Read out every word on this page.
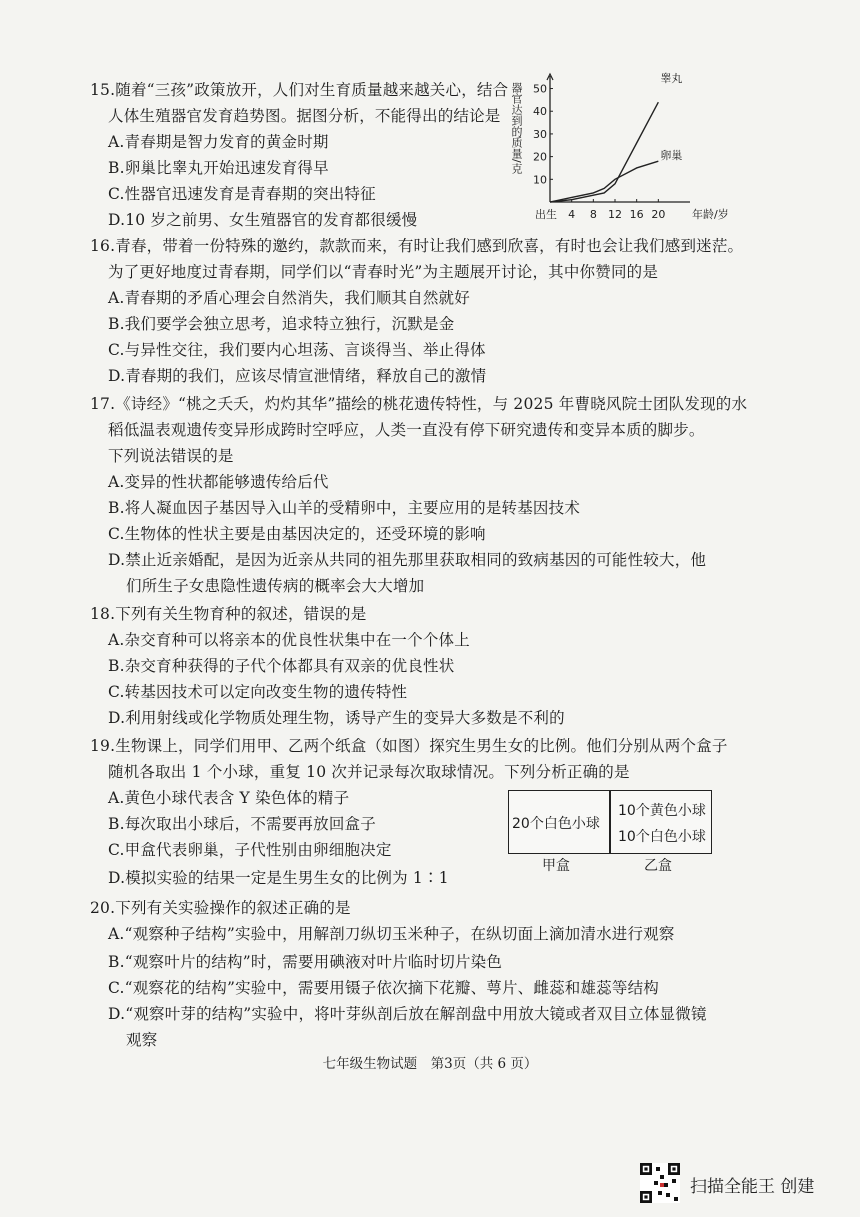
15.随着“三孩”政策放开，人们对生育质量越来越关心，结合
人体生殖器官发育趋势图。据图分析，不能得出的结论是
A.青春期是智力发育的黄金时期
B.卵巢比睾丸开始迅速发育得早
C.性器官迅速发育是青春期的突出特征
D.10 岁之前男、女生殖器官的发育都很缓慢
器官达到的质量/克
10
20
30
40
50
出生 4 8 12 16 20 年龄/岁
睾丸
卵巢
16.青春，带着一份特殊的邀约，款款而来，有时让我们感到欣喜，有时也会让我们感到迷茫。
为了更好地度过青春期，同学们以“青春时光”为主题展开讨论，其中你赞同的是
A.青春期的矛盾心理会自然消失，我们顺其自然就好
B.我们要学会独立思考，追求特立独行，沉默是金
C.与异性交往，我们要内心坦荡、言谈得当、举止得体
D.青春期的我们，应该尽情宣泄情绪，释放自己的激情
17.《诗经》“桃之夭夭，灼灼其华”描绘的桃花遗传特性，与 2025 年曹晓风院士团队发现的水
稻低温表观遗传变异形成跨时空呼应，人类一直没有停下研究遗传和变异本质的脚步。
下列说法错误的是
A.变异的性状都能够遗传给后代
B.将人凝血因子基因导入山羊的受精卵中，主要应用的是转基因技术
C.生物体的性状主要是由基因决定的，还受环境的影响
D.禁止近亲婚配，是因为近亲从共同的祖先那里获取相同的致病基因的可能性较大，他
们所生子女患隐性遗传病的概率会大大增加
18.下列有关生物育种的叙述，错误的是
A.杂交育种可以将亲本的优良性状集中在一个个体上
B.杂交育种获得的子代个体都具有双亲的优良性状
C.转基因技术可以定向改变生物的遗传特性
D.利用射线或化学物质处理生物，诱导产生的变异大多数是不利的
19.生物课上，同学们用甲、乙两个纸盒（如图）探究生男生女的比例。他们分别从两个盒子
随机各取出 1 个小球，重复 10 次并记录每次取球情况。下列分析正确的是
A.黄色小球代表含 Y 染色体的精子
B.每次取出小球后，不需要再放回盒子
C.甲盒代表卵巢，子代性别由卵细胞决定
D.模拟实验的结果一定是生男生女的比例为 1∶1
20个白色小球
10个黄色小球
10个白色小球
甲盒	乙盒
20.下列有关实验操作的叙述正确的是
A.“观察种子结构”实验中，用解剖刀纵切玉米种子，在纵切面上滴加清水进行观察
B.“观察叶片的结构”时，需要用碘液对叶片临时切片染色
C.“观察花的结构”实验中，需要用镊子依次摘下花瓣、萼片、雌蕊和雄蕊等结构
D.“观察叶芽的结构”实验中，将叶芽纵剖后放在解剖盘中用放大镜或者双目立体显微镜
观察
七年级生物试题　第3页（共 6 页）
扫描全能王 创建
